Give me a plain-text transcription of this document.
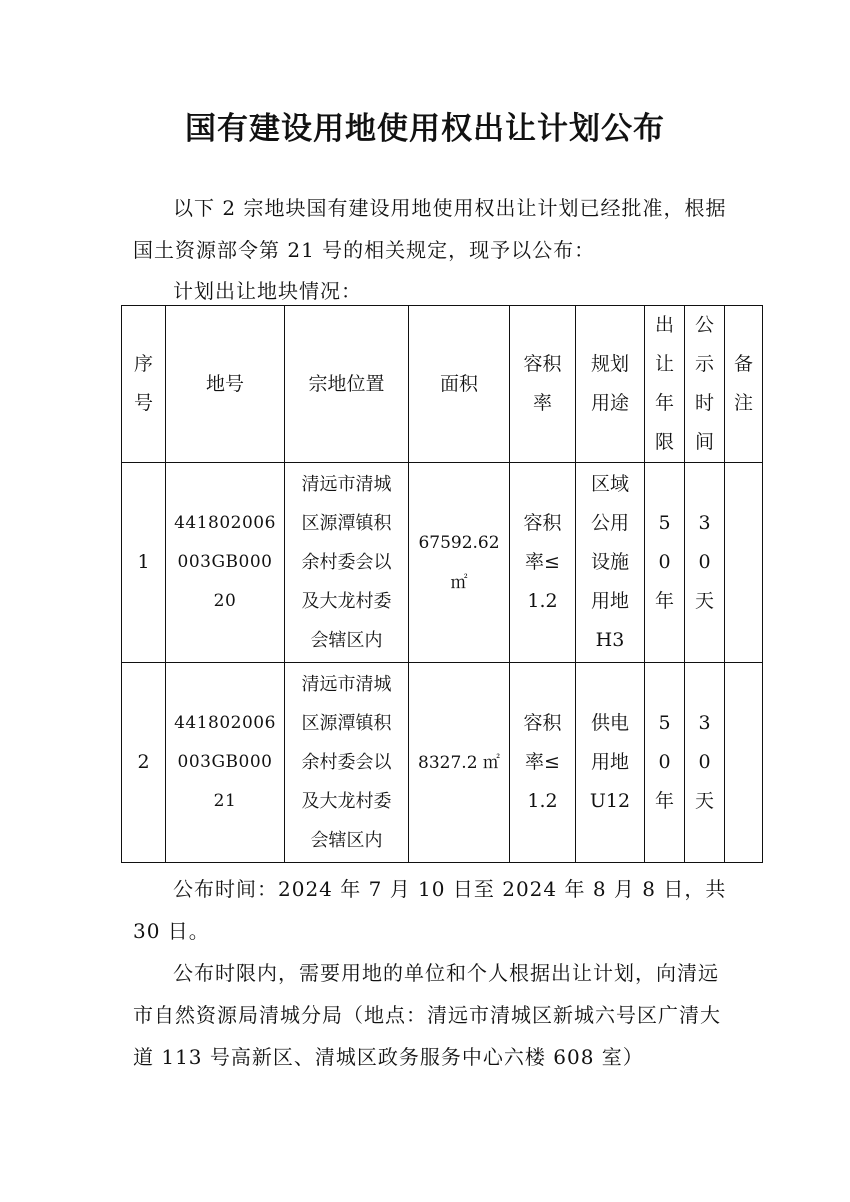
国有建设用地使用权出让计划公布

以下 2 宗地块国有建设用地使用权出让计划已经批准，根据国土资源部令第 21 号的相关规定，现予以公布：

计划出让地块情况：

序号	地号	宗地位置	面积	容积率	规划用途	出让年限	公示时间	备注
1	441802006003GB00020	清远市清城区源潭镇积余村委会以及大龙村委会辖区内	67592.62 ㎡	容积率≤ 1.2	区域公用设施用地 H3	50 年	30 天	
2	441802006003GB00021	清远市清城区源潭镇积余村委会以及大龙村委会辖区内	8327.2 ㎡	容积率≤ 1.2	供电用地 U12	50 年	30 天	

公布时间：2024 年 7 月 10 日至 2024 年 8 月 8 日，共 30 日。

公布时限内，需要用地的单位和个人根据出让计划，向清远市自然资源局清城分局（地点：清远市清城区新城六号区广清大道 113 号高新区、清城区政务服务中心六楼 608 室）
